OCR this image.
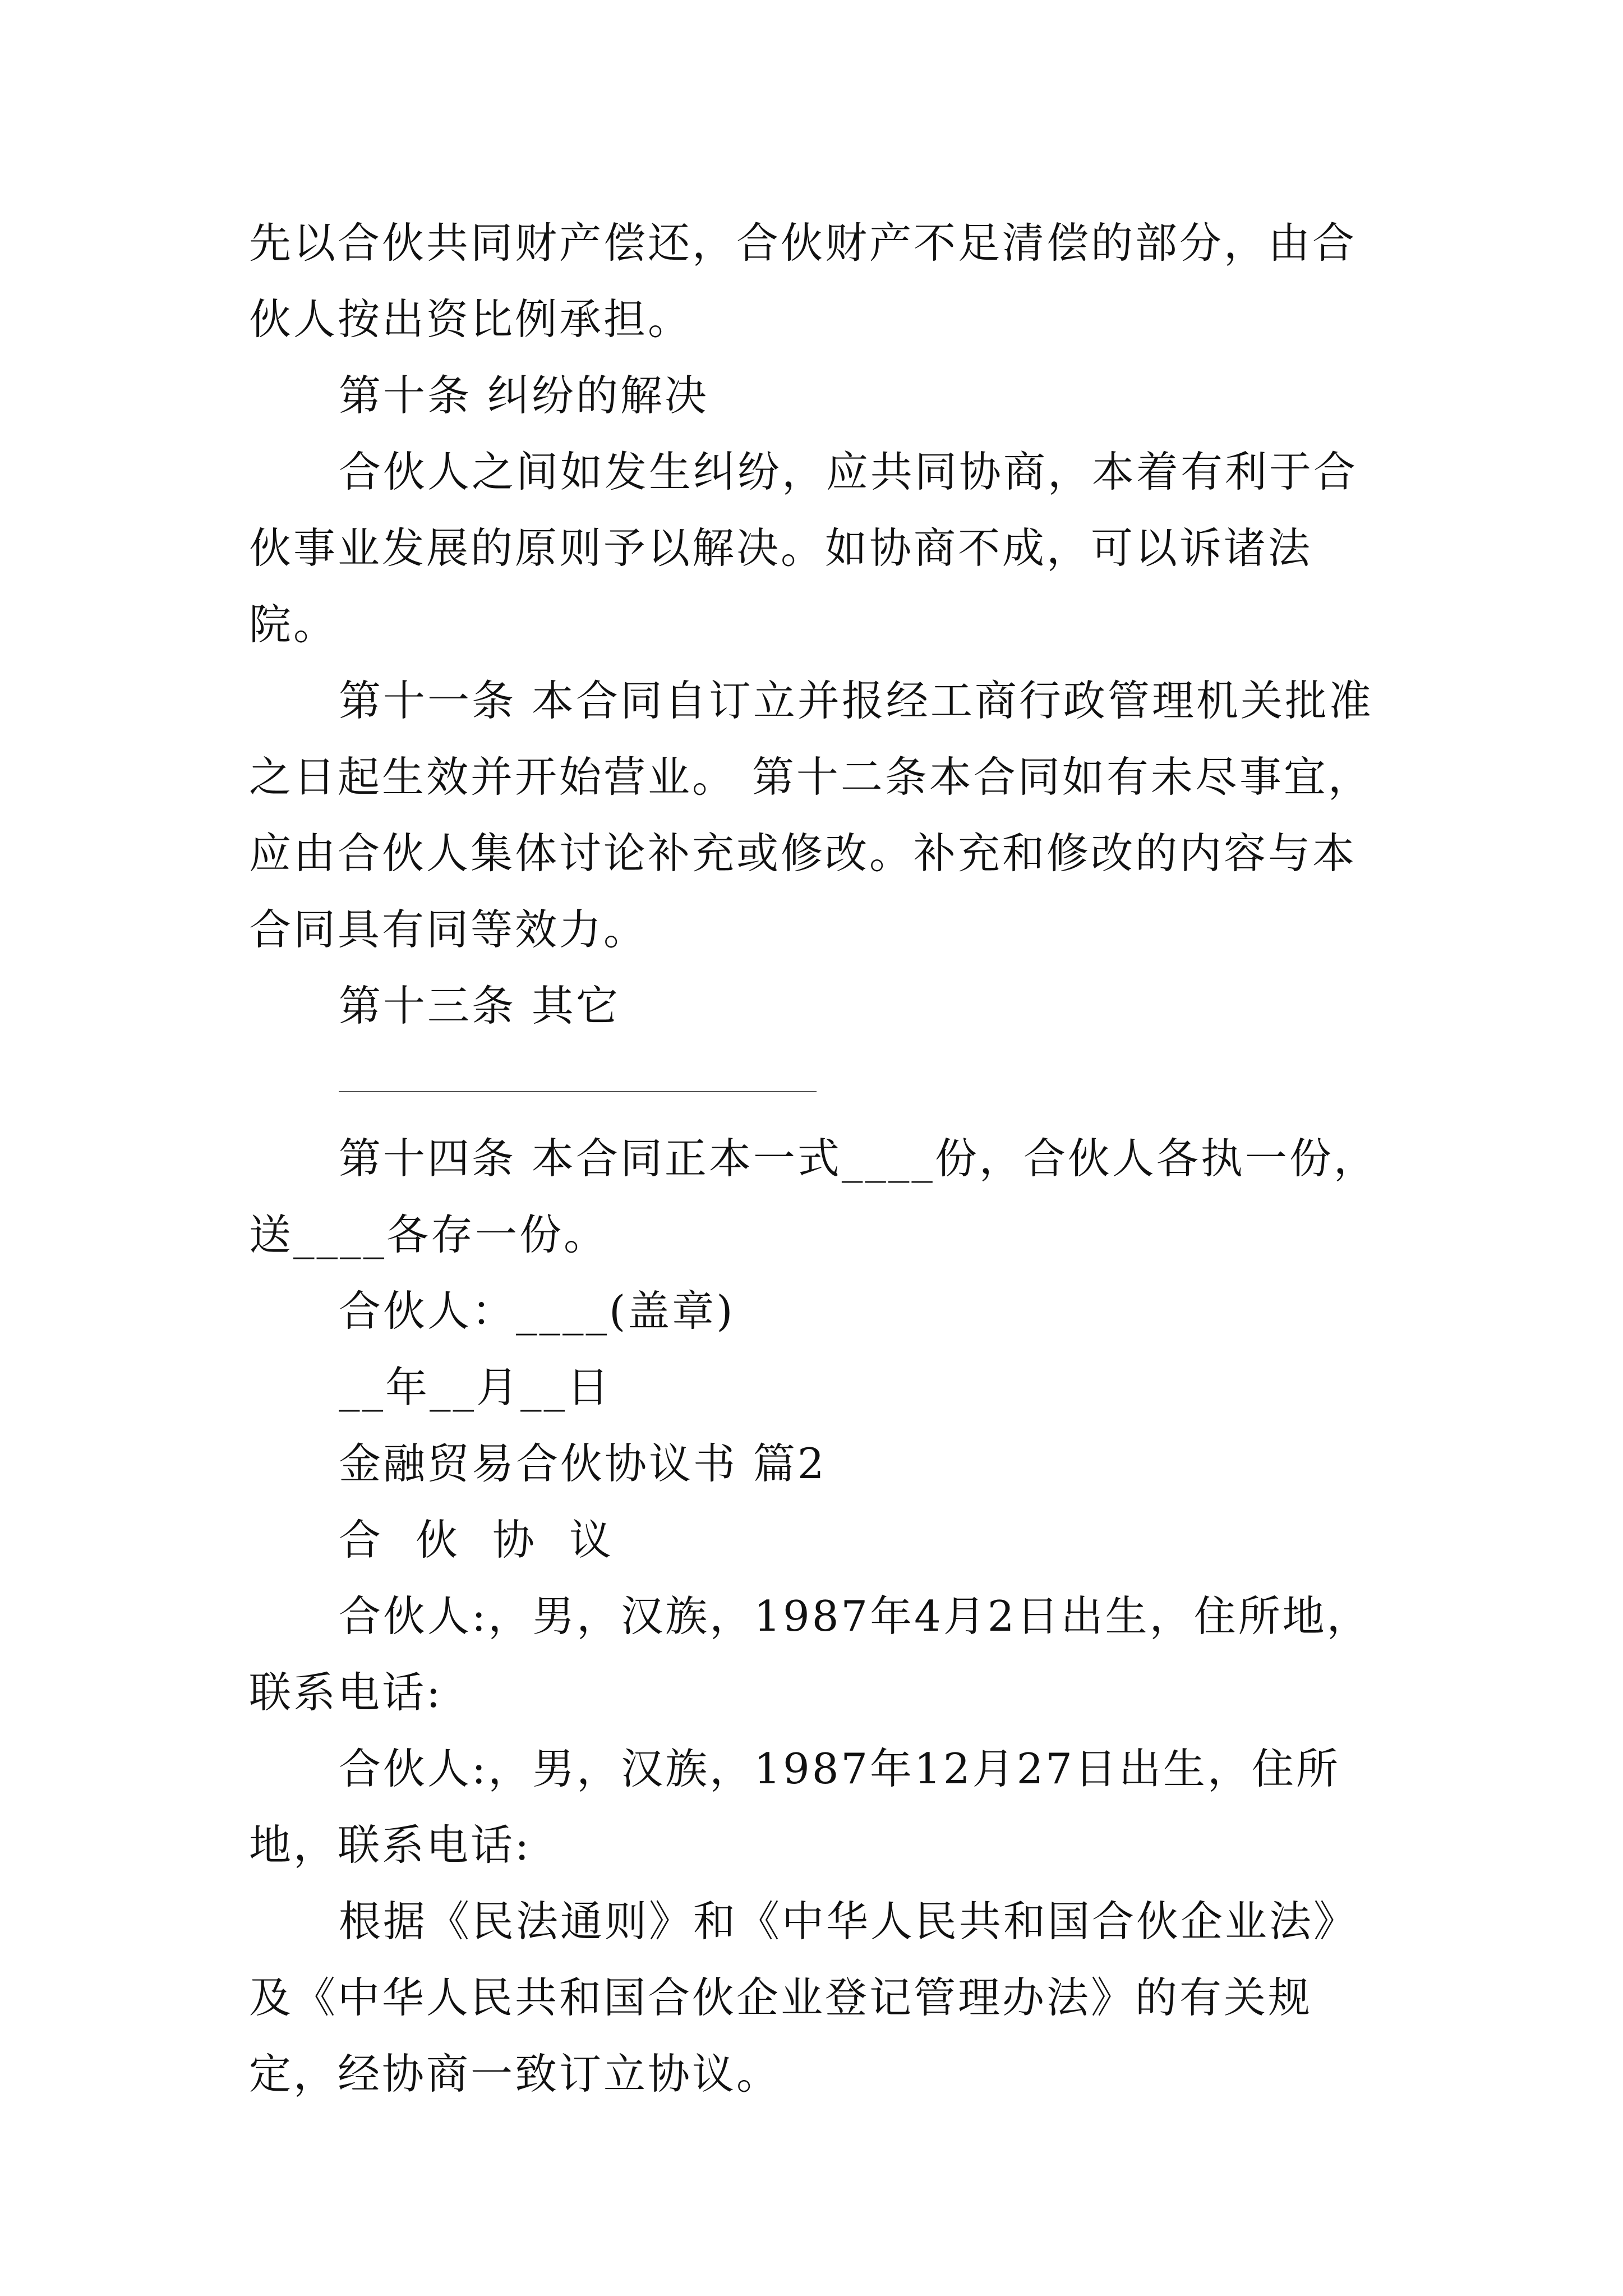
先以合伙共同财产偿还，合伙财产不足清偿的部分，由合伙人按出资比例承担。

第十条 纠纷的解决

合伙人之间如发生纠纷，应共同协商，本着有利于合伙事业发展的原则予以解决。如协商不成，可以诉诸法院。

第十一条 本合同自订立并报经工商行政管理机关批准之日起生效并开始营业。 第十二条本合同如有未尽事宜，应由合伙人集体讨论补充或修改。补充和修改的内容与本合同具有同等效力。

第十三条 其它

第十四条 本合同正本一式____份，合伙人各执一份，送____各存一份。

合伙人：____(盖章)

__年__月__日

金融贸易合伙协议书 篇2

合伙协议

合伙人:，男，汉族，1987年4月2日出生，住所地，联系电话:

合伙人:，男，汉族，1987年12月27日出生，住所地，联系电话:

根据《民法通则》和《中华人民共和国合伙企业法》及《中华人民共和国合伙企业登记管理办法》的有关规定，经协商一致订立协议。
